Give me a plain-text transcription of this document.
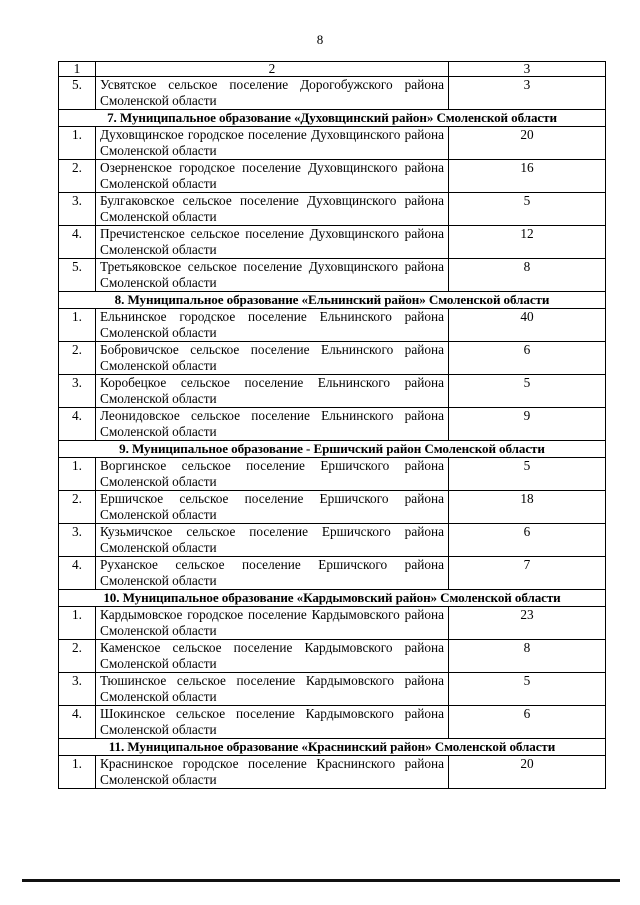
8
1	2	3
5.	Усвятское сельское поселение Дорогобужского района Смоленской области	3
7. Муниципальное образование «Духовщинский район» Смоленской области		
1.	Духовщинское городское поселение Духовщинского района Смоленской области	20
2.	Озерненское городское поселение Духовщинского района Смоленской области	16
3.	Булгаковское сельское поселение Духовщинского района Смоленской области	5
4.	Пречистенское сельское поселение Духовщинского района Смоленской области	12
5.	Третьяковское сельское поселение Духовщинского района Смоленской области	8
8. Муниципальное образование «Ельнинский район» Смоленской области		
1.	Ельнинское городское поселение Ельнинского района Смоленской области	40
2.	Бобровичское сельское поселение Ельнинского района Смоленской области	6
3.	Коробецкое сельское поселение Ельнинского района Смоленской области	5
4.	Леонидовское сельское поселение Ельнинского района Смоленской области	9
9. Муниципальное образование - Ершичский район Смоленской области		
1.	Воргинское сельское поселение Ершичского района Смоленской области	5
2.	Ершичское сельское поселение Ершичского района Смоленской области	18
3.	Кузьмичское сельское поселение Ершичского района Смоленской области	6
4.	Руханское сельское поселение Ершичского района Смоленской области	7
10. Муниципальное образование «Кардымовский район» Смоленской области		
1.	Кардымовское городское поселение Кардымовского района Смоленской области	23
2.	Каменское сельское поселение Кардымовского района Смоленской области	8
3.	Тюшинское сельское поселение Кардымовского района Смоленской области	5
4.	Шокинское сельское поселение Кардымовского района Смоленской области	6
11. Муниципальное образование «Краснинский район» Смоленской области		
1.	Краснинское городское поселение Краснинского района Смоленской области	20
